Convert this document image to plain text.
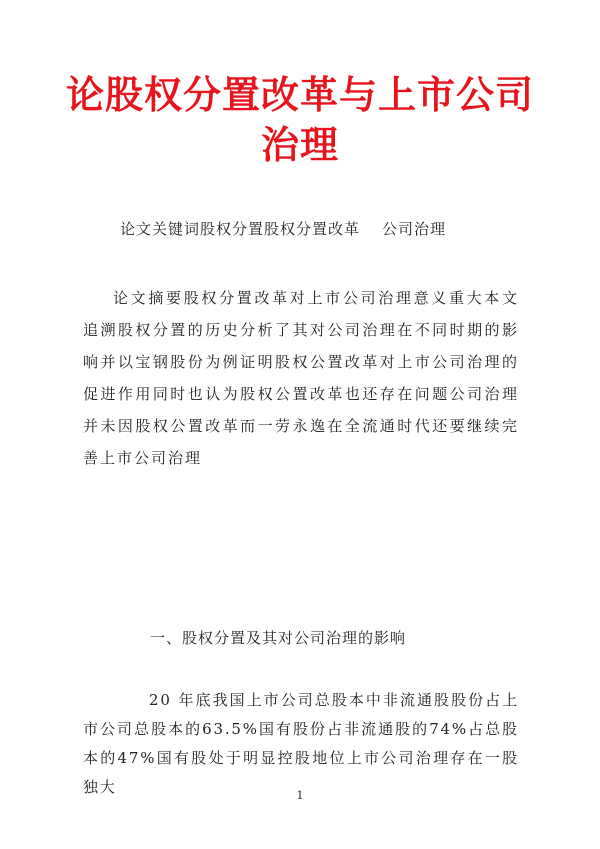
论股权分置改革与上市公司治理
论文关键词股权分置股权分置改革 公司治理

论文摘要股权分置改革对上市公司治理意义重大本文追溯股权分置的历史分析了其对公司治理在不同时期的影响并以宝钢股份为例证明股权公置改革对上市公司治理的促进作用同时也认为股权公置改革也还存在问题公司治理并未因股权公置改革而一劳永逸在全流通时代还要继续完善上市公司治理

一、股权分置及其对公司治理的影响

20 年底我国上市公司总股本中非流通股股份占上市公司总股本的63.5%国有股份占非流通股的74%占总股本的47%国有股处于明显控股地位上市公司治理存在一股独大	1
